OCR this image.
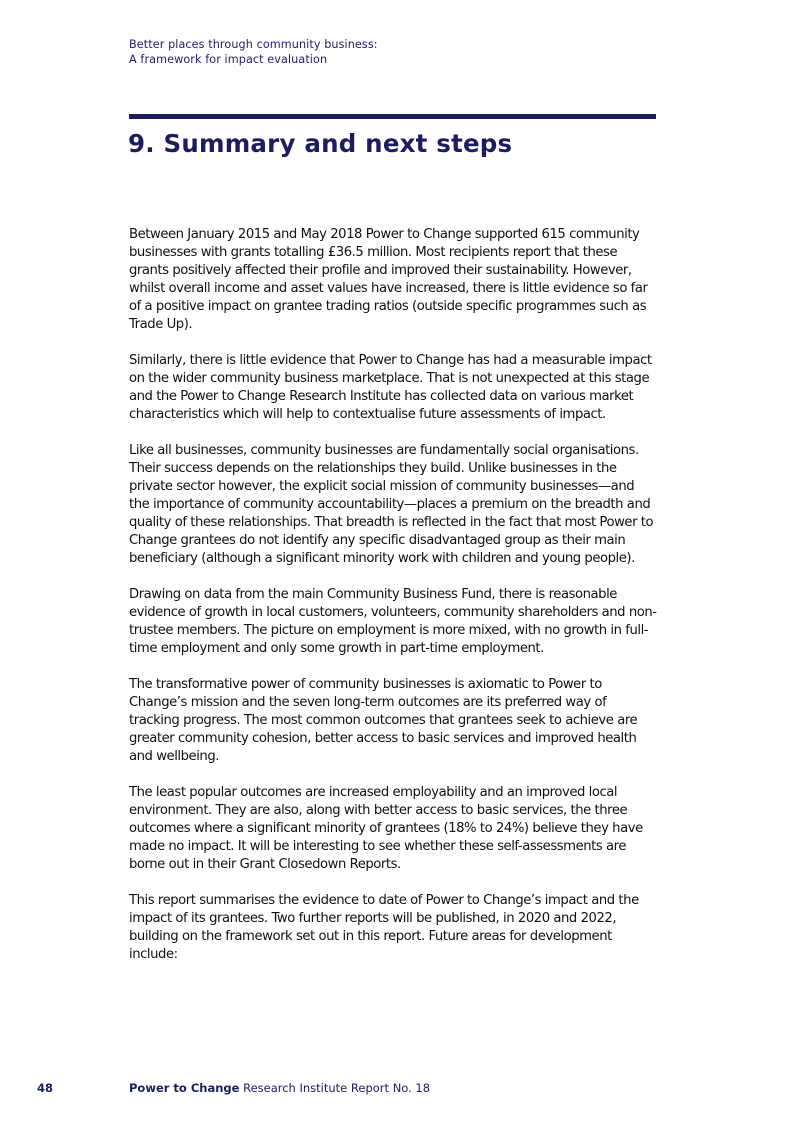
Better places through community business:
A framework for impact evaluation
9. Summary and next steps

Between January 2015 and May 2018 Power to Change supported 615 community businesses with grants totalling £36.5 million. Most recipients report that these grants positively affected their profile and improved their sustainability. However, whilst overall income and asset values have increased, there is little evidence so far of a positive impact on grantee trading ratios (outside specific programmes such as Trade Up).

Similarly, there is little evidence that Power to Change has had a measurable impact on the wider community business marketplace. That is not unexpected at this stage and the Power to Change Research Institute has collected data on various market characteristics which will help to contextualise future assessments of impact.

Like all businesses, community businesses are fundamentally social organisations. Their success depends on the relationships they build. Unlike businesses in the private sector however, the explicit social mission of community businesses—and the importance of community accountability—places a premium on the breadth and quality of these relationships. That breadth is reflected in the fact that most Power to Change grantees do not identify any specific disadvantaged group as their main beneficiary (although a significant minority work with children and young people).

Drawing on data from the main Community Business Fund, there is reasonable evidence of growth in local customers, volunteers, community shareholders and non-trustee members. The picture on employment is more mixed, with no growth in full-time employment and only some growth in part-time employment.

The transformative power of community businesses is axiomatic to Power to Change’s mission and the seven long-term outcomes are its preferred way of tracking progress. The most common outcomes that grantees seek to achieve are greater community cohesion, better access to basic services and improved health and wellbeing.

The least popular outcomes are increased employability and an improved local environment. They are also, along with better access to basic services, the three outcomes where a significant minority of grantees (18% to 24%) believe they have made no impact. It will be interesting to see whether these self-assessments are borne out in their Grant Closedown Reports.

This report summarises the evidence to date of Power to Change’s impact and the impact of its grantees. Two further reports will be published, in 2020 and 2022, building on the framework set out in this report. Future areas for development include:

48	Power to Change Research Institute Report No. 18
